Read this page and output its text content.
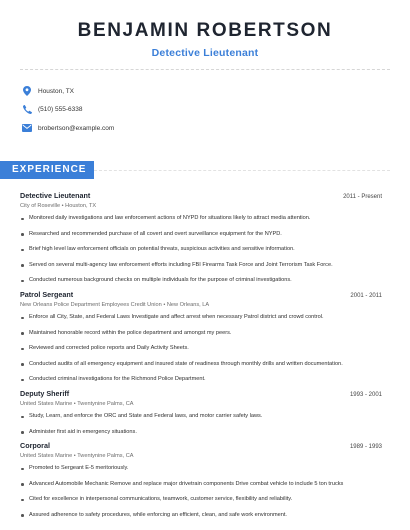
BENJAMIN ROBERTSON
Detective Lieutenant
Houston, TX
(510) 555-6338
brobertson@example.com
EXPERIENCE
Detective Lieutenant	2011 - Present
City of Roseville • Houston, TX
Monitored daily investigations and law enforcement actions of NYPD for situations likely to attract media attention.
Researched and recommended purchase of all covert and overt surveillance equipment for the NYPD.
Brief high level law enforcement officials on potential threats, suspicious activities and sensitive information.
Served on several multi-agency law enforcement efforts including FBI Firearms Task Force and Joint Terrorism Task Force.
Conducted numerous background checks on multiple individuals for the purpose of criminal investigations.
Patrol Sergeant	2001 - 2011
New Orleans Police Department Employees Credit Union • New Orleans, LA
Enforce all City, State, and Federal Laws Investigate and affect arrest when necessary Patrol district and crowd control.
Maintained honorable record within the police department and amongst my peers.
Reviewed and corrected police reports and Daily Activity Sheets.
Conducted audits of all emergency equipment and insured state of readiness through monthly drills and written documentation.
Conducted criminal investigations for the Richmond Police Department.
Deputy Sheriff	1993 - 2001
United States Marine • Twentynine Palms, CA
Study, Learn, and enforce the ORC and State and Federal laws, and motor carrier safety laws.
Administer first aid in emergency situations.
Corporal	1989 - 1993
United States Marine • Twentynine Palms, CA
Promoted to Sergeant E-5 meritoriously.
Advanced Automobile Mechanic Remove and replace major drivetrain components Drive combat vehicle to include 5 ton trucks
Cited for excellence in interpersonal communications, teamwork, customer service, flexibility and reliability.
Assured adherence to safety procedures, while enforcing an efficient, clean, and safe work environment.
